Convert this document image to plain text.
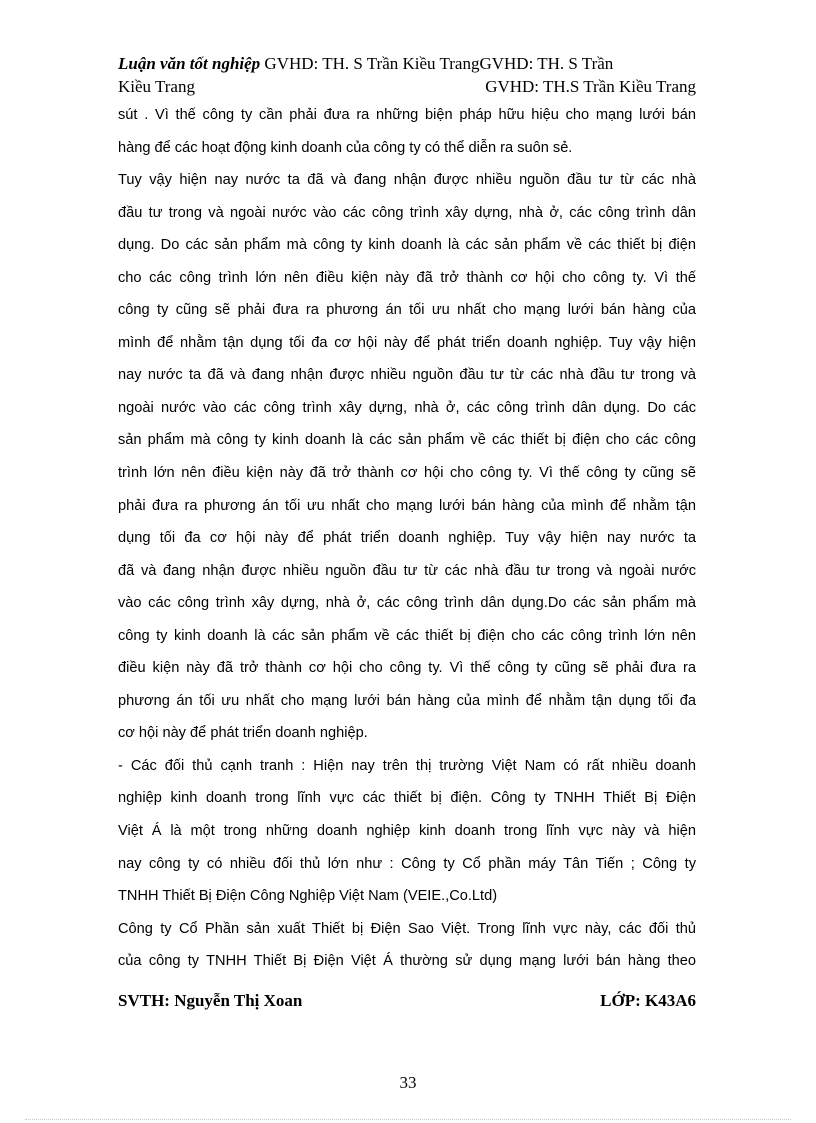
Luận văn tốt nghiệp GVHD: TH. S Trần Kiều TrangGVHD: TH. S Trần
Kiều Trang	GVHD: TH.S Trần Kiều Trang
sút . Vì thế công ty cần phải đưa ra những biện pháp hữu hiệu cho mạng lưới bán
hàng để các hoạt động kinh doanh của công ty có thể diễn ra suôn sẻ.
Tuy vậy hiện nay nước ta đã và đang nhận được nhiều nguồn đầu tư từ các nhà
đầu tư trong và ngoài nước vào các công trình xây dựng, nhà ở, các công trình dân
dụng. Do các sản phẩm mà công ty kinh doanh là các sản phẩm về các thiết bị điện
cho các công trình lớn nên điều kiện này đã trở thành cơ hội cho công ty. Vì thế
công ty cũng sẽ phải đưa ra phương án tối ưu nhất cho mạng lưới bán hàng của
mình để nhằm tận dụng tối đa cơ hội này để phát triển doanh nghiệp. Tuy vậy hiện
nay nước ta đã và đang nhận được nhiều nguồn đầu tư từ các nhà đầu tư trong và
ngoài nước vào các công trình xây dựng, nhà ở, các công trình dân dụng. Do các
sản phẩm mà công ty kinh doanh là các sản phẩm về các thiết bị điện cho các công
trình lớn nên điều kiện này đã trở thành cơ hội cho công ty. Vì thế công ty cũng sẽ
phải đưa ra phương án tối ưu nhất cho mạng lưới bán hàng của mình để nhằm tận
dụng tối đa cơ hội này để phát triển doanh nghiệp. Tuy vậy hiện nay nước ta
đã và đang nhận được nhiều nguồn đầu tư từ các nhà đầu tư trong và ngoài nước
vào các công trình xây dựng, nhà ở, các công trình dân dụng.Do các sản phẩm mà
công ty kinh doanh là các sản phẩm về các thiết bị điện cho các công trình lớn nên
điều kiện này đã trở thành cơ hội cho công ty. Vì thế công ty cũng sẽ phải đưa ra
phương án tối ưu nhất cho mạng lưới bán hàng của mình để nhằm tận dụng tối đa
cơ hội này để phát triển doanh nghiệp.
- Các đối thủ cạnh tranh : Hiện nay trên thị trường Việt Nam có rất nhiều doanh
nghiệp kinh doanh trong lĩnh vực các thiết bị điện. Công ty TNHH Thiết Bị Điện
Việt Á là một trong những doanh nghiệp kinh doanh trong lĩnh vực này và hiện
nay công ty có nhiều đối thủ lớn như : Công ty Cổ phần máy Tân Tiến ; Công ty
TNHH Thiết Bị Điện Công Nghiệp Việt Nam (VEIE.,Co.Ltd)
Công ty Cổ Phần sản xuất Thiết bị Điện Sao Việt. Trong lĩnh vực này, các đối thủ
của công ty TNHH Thiết Bị Điện Việt Á thường sử dụng mạng lưới bán hàng theo
SVTH: Nguyễn Thị Xoan	LỚP: K43A6
33
